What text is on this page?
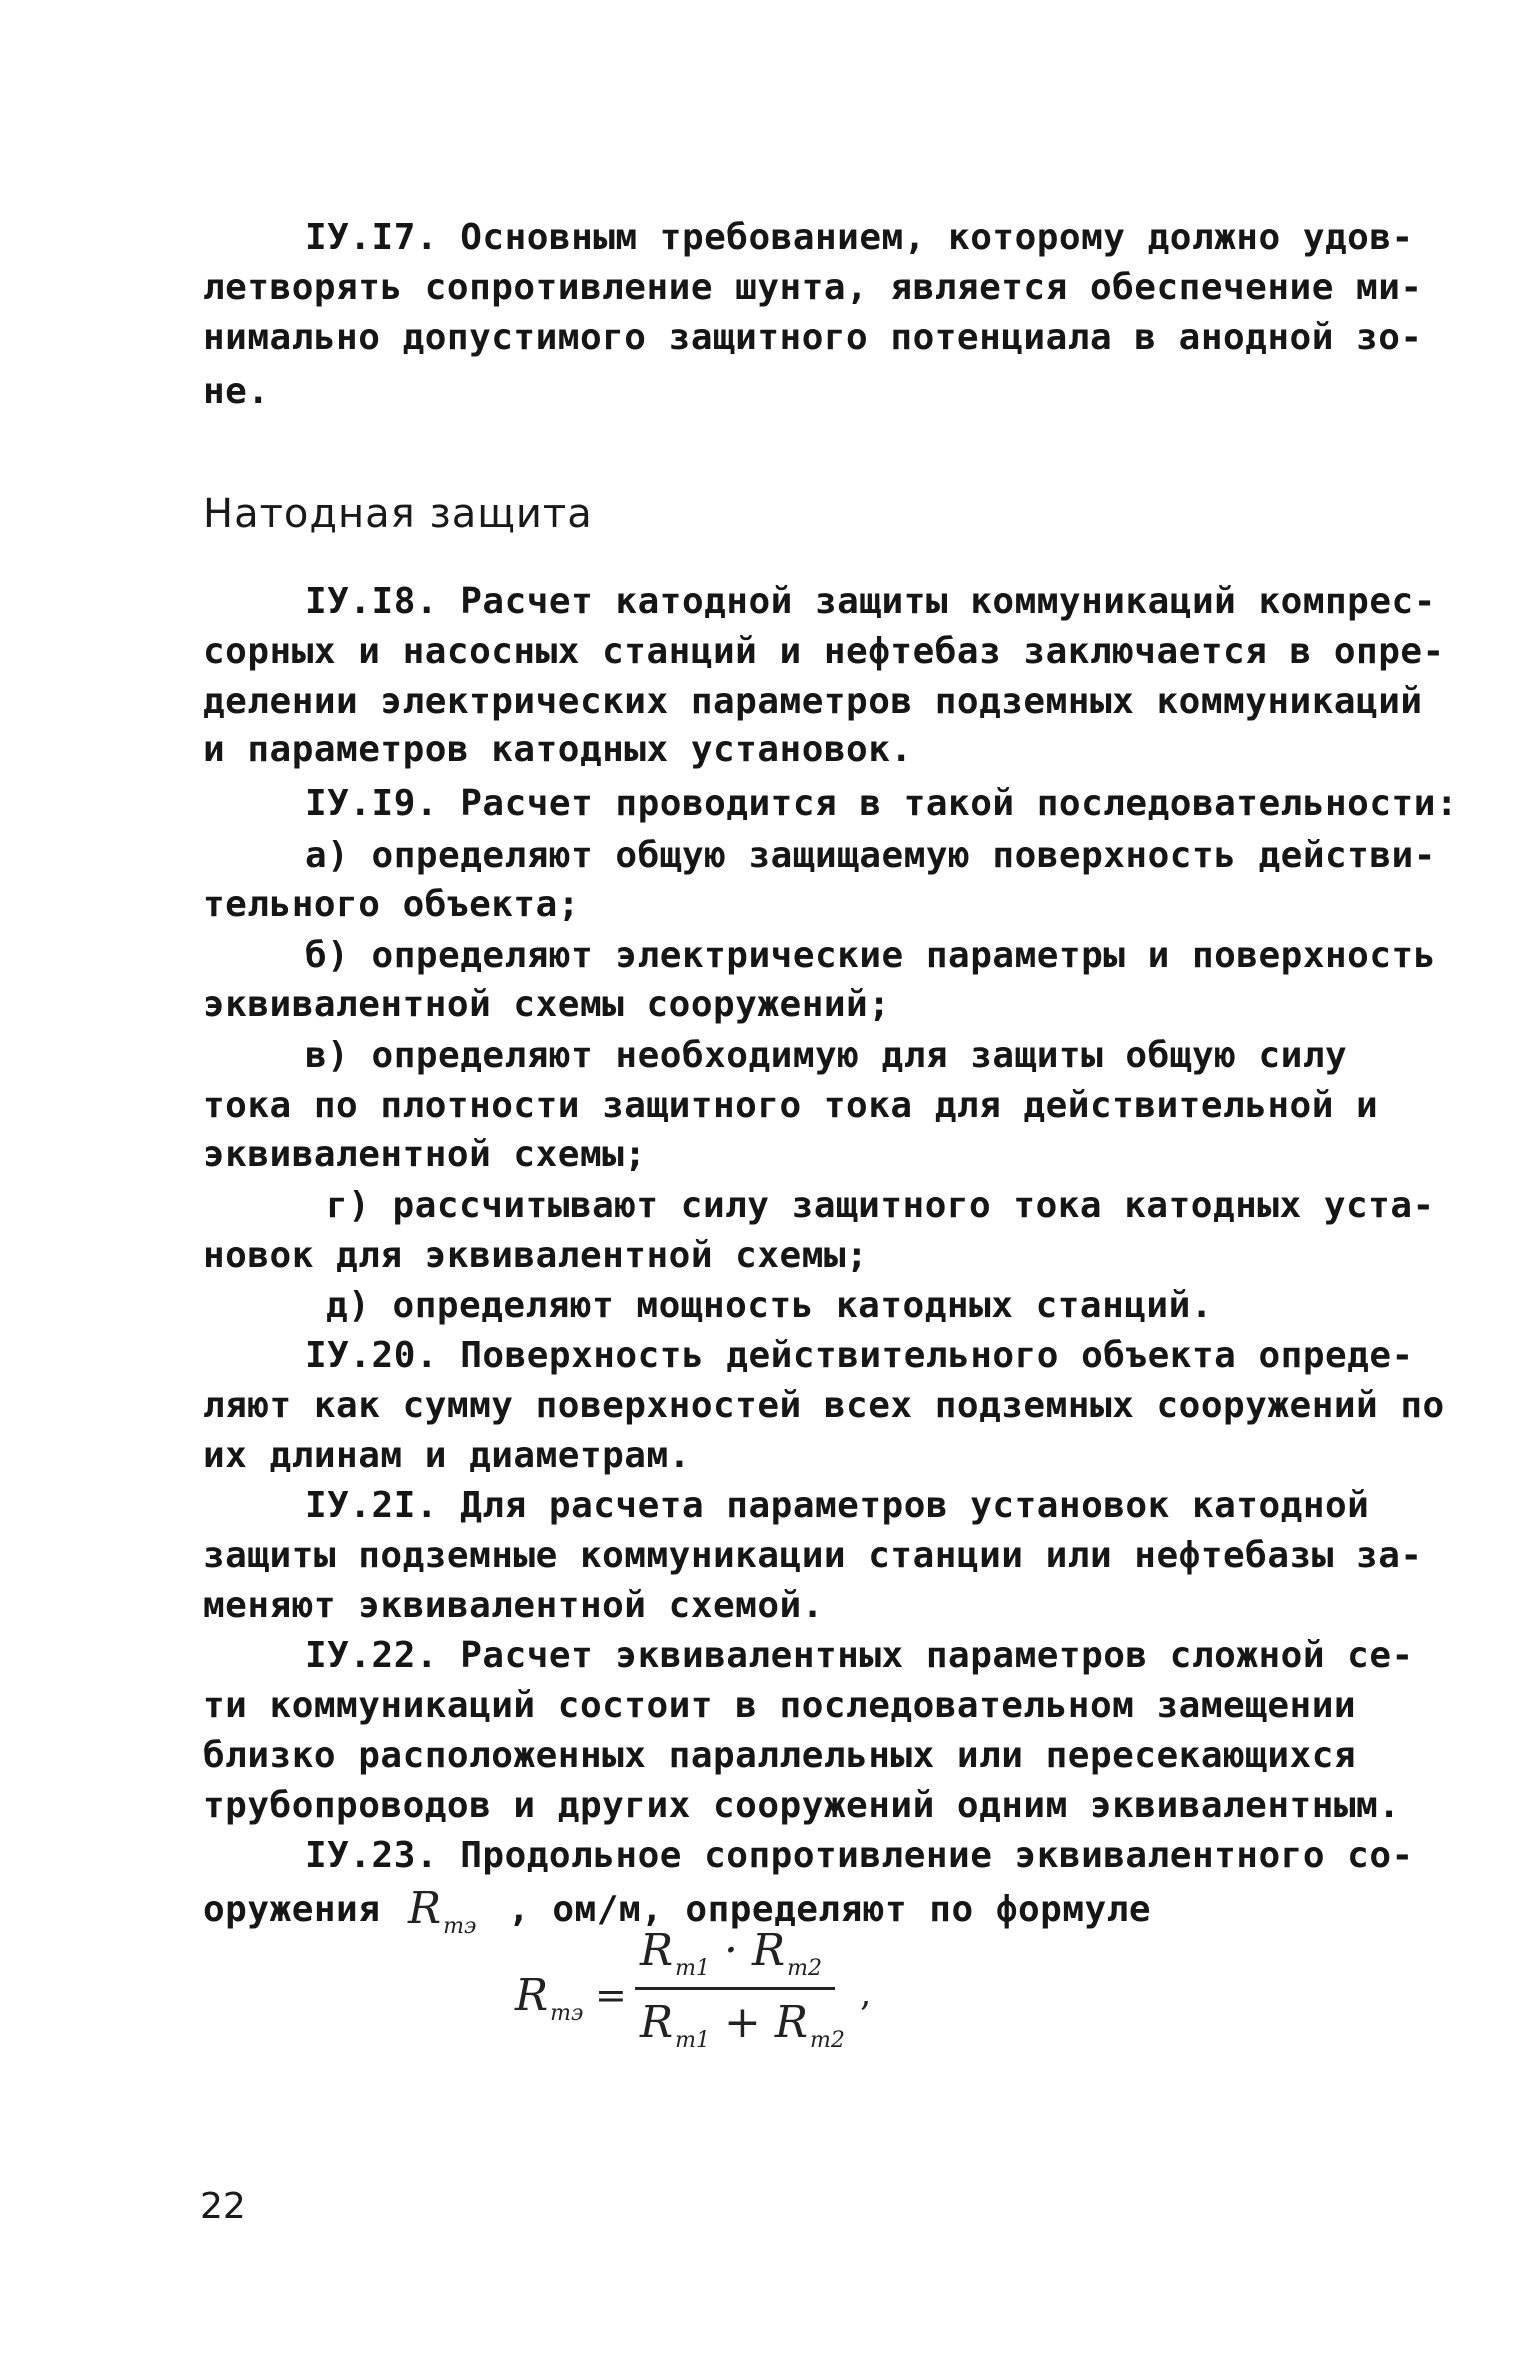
IУ.I7. Основным требованием, которому должно удов-
летворять сопротивление шунта, является обеспечение ми-
нимально допустимого защитного потенциала в анодной зо-
не.
Натодная защита
IУ.I8. Расчет катодной защиты коммуникаций компрес-
сорных и насосных станций и нефтебаз заключается в опре-
делении электрических параметров подземных коммуникаций
и параметров катодных установок.
IУ.I9. Расчет проводится в такой последовательности:
а) определяют общую защищаемую поверхность действи-
тельного объекта;
б) определяют электрические параметры и поверхность
эквивалентной схемы сооружений;
в) определяют необходимую для защиты общую силу
тока по плотности защитного тока для действительной и
эквивалентной схемы;
г) рассчитывают силу защитного тока катодных уста-
новок для эквивалентной схемы;
д) определяют мощность катодных станций.
IУ.20. Поверхность действительного объекта опреде-
ляют как сумму поверхностей всех подземных сооружений по
их длинам и диаметрам.
IУ.2I. Для расчета параметров установок катодной
защиты подземные коммуникации станции или нефтебазы за-
меняют эквивалентной схемой.
IУ.22. Расчет эквивалентных параметров сложной се-
ти коммуникаций состоит в последовательном замещении
близко расположенных параллельных или пересекающихся
трубопроводов и других сооружений одним эквивалентным.
IУ.23. Продольное сопротивление эквивалентного со-
оружения $R_{тэ}$ , ом/м, определяют по формуле
$R_{тэ}$ =
$R_{т1} \cdot R_{т2}$
$R_{т1} + R_{т2}$
,
22
